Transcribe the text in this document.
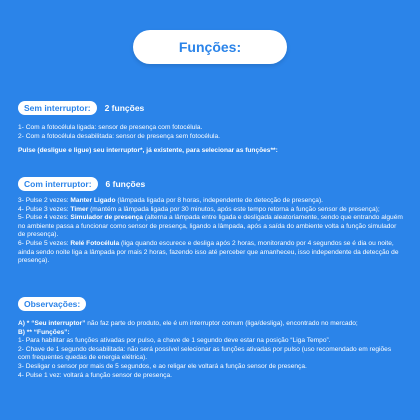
Funções:
Sem interruptor:	2 funções

1- Com a fotocélula ligada: sensor de presença com fotocélula.

2- Com a fotocélula desabilitada: sensor de presença sem fotocélula.

Pulse (desligue e ligue) seu interruptor*, já existente, para selecionar as funções**:

Com interruptor:	6 funções

3- Pulse 2 vezes: Manter Ligado (lâmpada ligada por 8 horas, independente de detecção de presença).

4- Pulse 3 vezes: Timer (mantém a lâmpada ligada por 30 minutos, após este tempo retorna a função sensor de presença);

5- Pulse 4 vezes: Simulador de presença (alterna a lâmpada entre ligada e desligada aleatoriamente, sendo que entrando alguém no ambiente passa a funcionar como sensor de presença, ligando a lâmpada, após a saída do ambiente volta a função simulador de presença).

6- Pulse 5 vezes: Relé Fotocélula (liga quando escurece e desliga após 2 horas, monitorando por 4 segundos se é dia ou noite, ainda sendo noite liga a lâmpada por mais 2 horas, fazendo isso até perceber que amanheceu, isso independente da detecção de presença).

Observações:

A) * “Seu interruptor” não faz parte do produto, ele é um interruptor comum (liga/desliga), encontrado no mercado;

B) ** “Funções”:

1- Para habilitar as funções ativadas por pulso, a chave de 1 segundo deve estar na posição “Liga Tempo”.

2- Chave de 1 segundo desabilitada: não será possível selecionar as funções ativadas por pulso (uso recomendado em regiões com frequentes quedas de energia elétrica).

3- Desligar o sensor por mais de 5 segundos, e ao religar ele voltará a função sensor de presença.

4- Pulse 1 vez: voltará a função sensor de presença.
